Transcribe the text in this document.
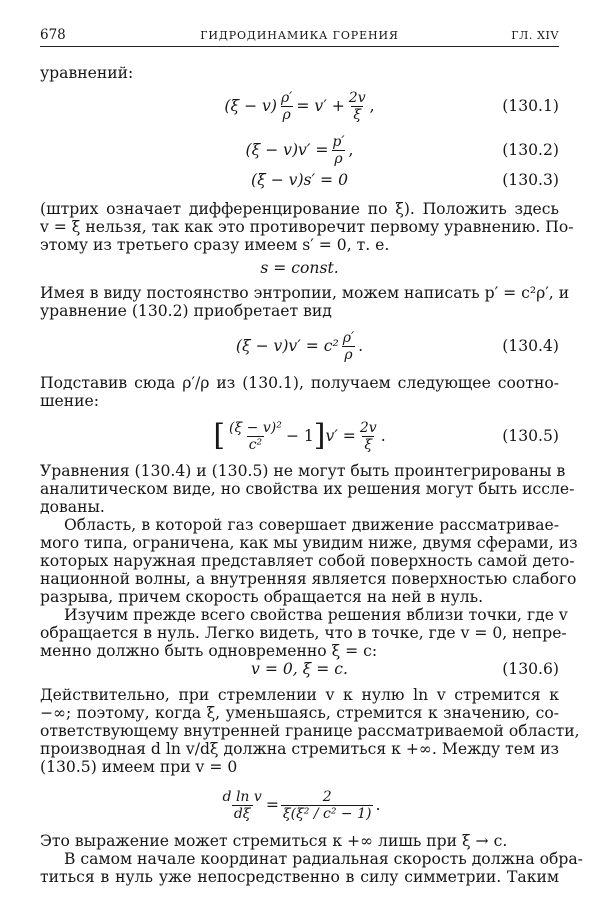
678	ГИДРОДИНАМИКА ГОРЕНИЯ	ГЛ. XIV
уравнений:
$(\xi - v) \frac{\rho'}{\rho} = v' + \frac{2v}{\xi}$ ,	(130.1)
$(\xi - v)v' = \frac{p'}{\rho}$ ,	(130.2)
(ξ − v)s′ = 0	(130.3)
(штрих означает дифференцирование по ξ). Положить здесь
v = ξ нельзя, так как это противоречит первому уравнению. По-
этому из третьего сразу имеем s′ = 0, т. е.
s = const.
Имея в виду постоянство энтропии, можем написать p′ = c²ρ′, и
уравнение (130.2) приобретает вид
$(\xi - v)v' = c^2 \frac{\rho'}{\rho}$ .	(130.4)
Подставив сюда ρ′/ρ из (130.1), получаем следующее соотно-
шение:
[ $\frac{\text{(ξ − v)²}}{\text{c²}} - 1$ ] $v' = \frac{2v}{\xi}$ .	(130.5)
Уравнения (130.4) и (130.5) не могут быть проинтегрированы в
аналитическом виде, но свойства их решения могут быть иссле-
дованы.
Область, в которой газ совершает движение рассматривае-
мого типа, ограничена, как мы увидим ниже, двумя сферами, из
которых наружная представляет собой поверхность самой дето-
национной волны, а внутренняя является поверхностью слабого
разрыва, причем скорость обращается на ней в нуль.
Изучим прежде всего свойства решения вблизи точки, где v
обращается в нуль. Легко видеть, что в точке, где v = 0, непре-
менно должно быть одновременно ξ = c:
v = 0, ξ = c.	(130.6)
Действительно, при стремлении v к нулю ln v стремится к
−∞; поэтому, когда ξ, уменьшаясь, стремится к значению, со-
ответствующему внутренней границе рассматриваемой области,
производная d ln v/dξ должна стремиться к +∞. Между тем из
(130.5) имеем при v = 0
$\frac{\text{d ln v}}{d\xi} = \frac{2}{\text{ξ(ξ² / c² − 1)}}$ .
Это выражение может стремиться к +∞ лишь при ξ → c.
В самом начале координат радиальная скорость должна обра-
титься в нуль уже непосредственно в силу симметрии. Таким
